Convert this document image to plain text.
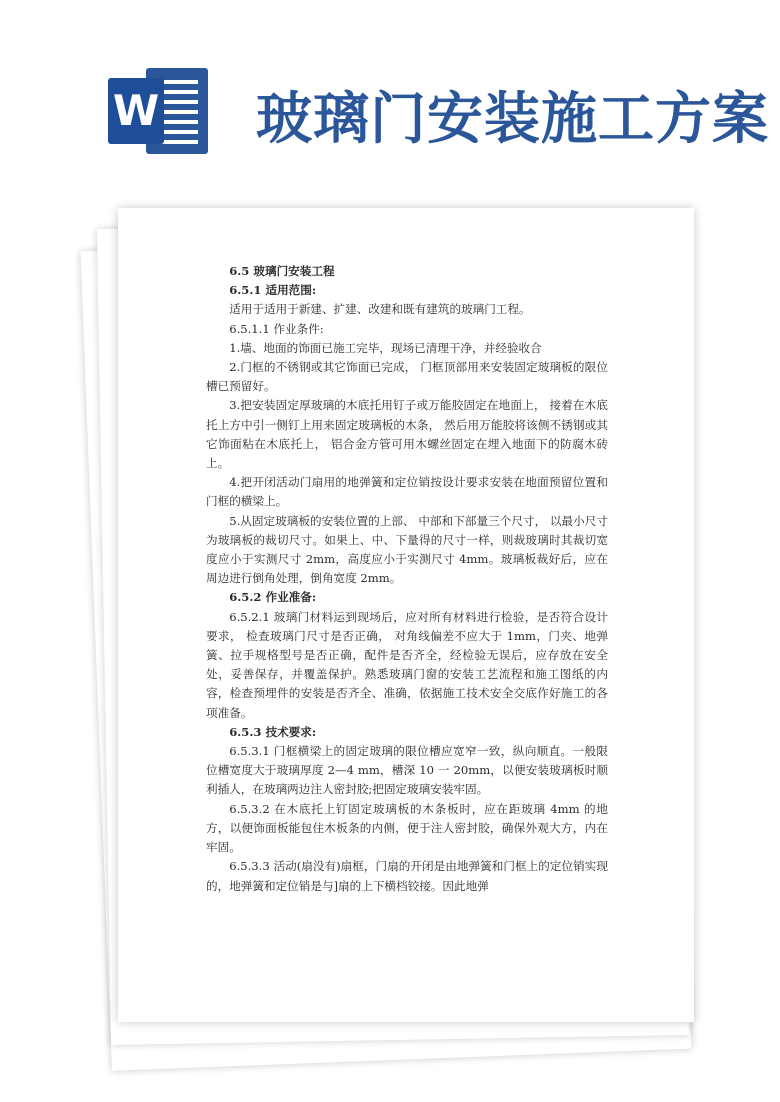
W 玻璃门安装施工方案

6.5 玻璃门安装工程

6.5.1 适用范围:

适用于适用于新建、扩建、改建和既有建筑的玻璃门工程。

6.5.1.1 作业条件:

1.墙、地面的饰面已施工完毕，现场已清理干净，并经验收合

2.门框的不锈钢或其它饰面已完成， 门框顶部用来安装固定玻璃板的限位槽已预留好。

3.把安装固定厚玻璃的木底托用钉子或万能胶固定在地面上， 接着在木底托上方中引一侧钉上用来固定玻璃板的木条， 然后用万能胶将该侧不锈钢或其它饰面粘在木底托上， 铝合金方管可用木螺丝固定在埋入地面下的防腐木砖上。

4.把开闭活动门扇用的地弹簧和定位销按设计要求安装在地面预留位置和门框的横梁上。

5.从固定玻璃板的安装位置的上部、 中部和下部量三个尺寸， 以最小尺寸为玻璃板的裁切尺寸。如果上、中、下量得的尺寸一样，则裁玻璃时其裁切宽度应小于实测尺寸 2mm，高度应小于实测尺寸 4mm。玻璃板裁好后，应在周边进行倒角处理，倒角宽度 2mm。

6.5.2 作业准备:

6.5.2.1 玻璃门材料运到现场后，应对所有材料进行检验，是否符合设计要求， 检查玻璃门尺寸是否正确， 对角线偏差不应大于 1mm，门夹、地弹簧、拉手规格型号是否正确，配件是否齐全，经检验无误后，应存放在安全处，妥善保存，并覆盖保护。熟悉玻璃门窗的安装工艺流程和施工图纸的内容，检查预埋件的安装是否齐全、准确，依据施工技术安全交底作好施工的各项准备。

6.5.3 技术要求:

6.5.3.1 门框横梁上的固定玻璃的限位槽应宽窄一致，纵向顺直。一般限位槽宽度大于玻璃厚度 2—4 mm，槽深 10 一 20mm，以便安装玻璃板时顺利插人，在玻璃两边注人密封胶;把固定玻璃安装牢固。

6.5.3.2 在木底托上钉固定玻璃板的木条板时，应在距玻璃 4mm 的地方，以便饰面板能包住木板条的内侧，便于注人密封胶，确保外观大方，内在牢固。

6.5.3.3 活动(扇没有)扇框，门扇的开闭是由地弹簧和门框上的定位销实现的，地弹簧和定位销是与]扇的上下横档铰接。因此地弹
